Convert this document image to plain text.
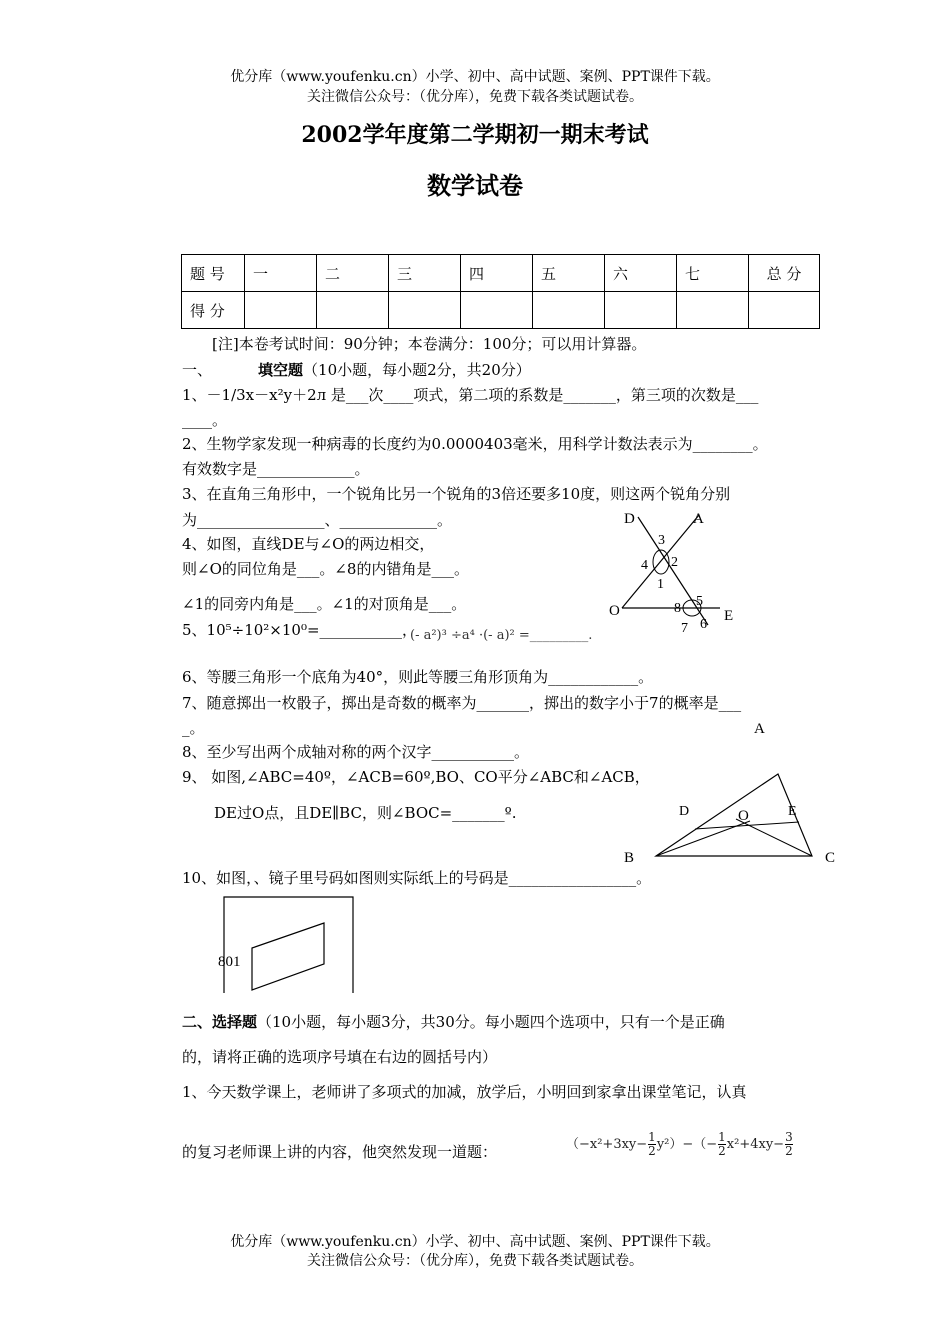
优分库（www.youfenku.cn）小学、初中、高中试题、案例、PPT课件下载。
关注微信公众号：（优分库），免费下载各类试题试卷。
2002学年度第二学期初一期末考试
数学试卷
题 号	一	二	三	四	五	六	七	总 分
得 分								
[注]本卷考试时间：90分钟；本卷满分：100分；可以用计算器。
一、	填空题（10小题，每小题2分，共20分）
1、－1/3x－x²y＋2л 是___次____项式，第二项的系数是_______，第三项的次数是___
____。
2、生物学家发现一种病毒的长度约为0.0000403毫米，用科学计数法表示为________。
有效数字是_____________。
3、在直角三角形中，一个锐角比另一个锐角的3倍还要多10度，则这两个锐角分别
为_________________、_____________。
4、如图，直线DE与∠O的两边相交，
则∠O的同位角是___。∠8的内错角是___。
∠1的同旁内角是___。∠1的对顶角是___。
5、10⁵÷10²×10⁰=___________，
(- a²)³ ÷a⁴ ·(- a)² =_________.
D	A
O	E
3
2
4
1
5
8
7 6
6、等腰三角形一个底角为40°，则此等腰三角形顶角为____________。
7、随意掷出一枚骰子，掷出是奇数的概率为_______，掷出的数字小于7的概率是___
_。
8、至少写出两个成轴对称的两个汉字___________。
9、 如图,∠ABC=40º，∠ACB=60º,BO、CO平分∠ABC和∠ACB，
DE过O点，且DE∥BC，则∠BOC=_______º.
A
B	C
D	E
O
10、如图，、镜子里号码如图则实际纸上的号码是_________________。
801
二、选择题（10小题，每小题3分，共30分。每小题四个选项中，只有一个是正确
的，请将正确的选项序号填在右边的圆括号内）
1、今天数学课上，老师讲了多项式的加减，放学后，小明回到家拿出课堂笔记，认真
的复习老师课上讲的内容，他突然发现一道题：	$(-x^2+3xy- \frac{1}{2} y^2)-(- \frac{1}{2} x^2+4xy- \frac{3}{2}$
优分库（www.youfenku.cn）小学、初中、高中试题、案例、PPT课件下载。
关注微信公众号：（优分库），免费下载各类试题试卷。
